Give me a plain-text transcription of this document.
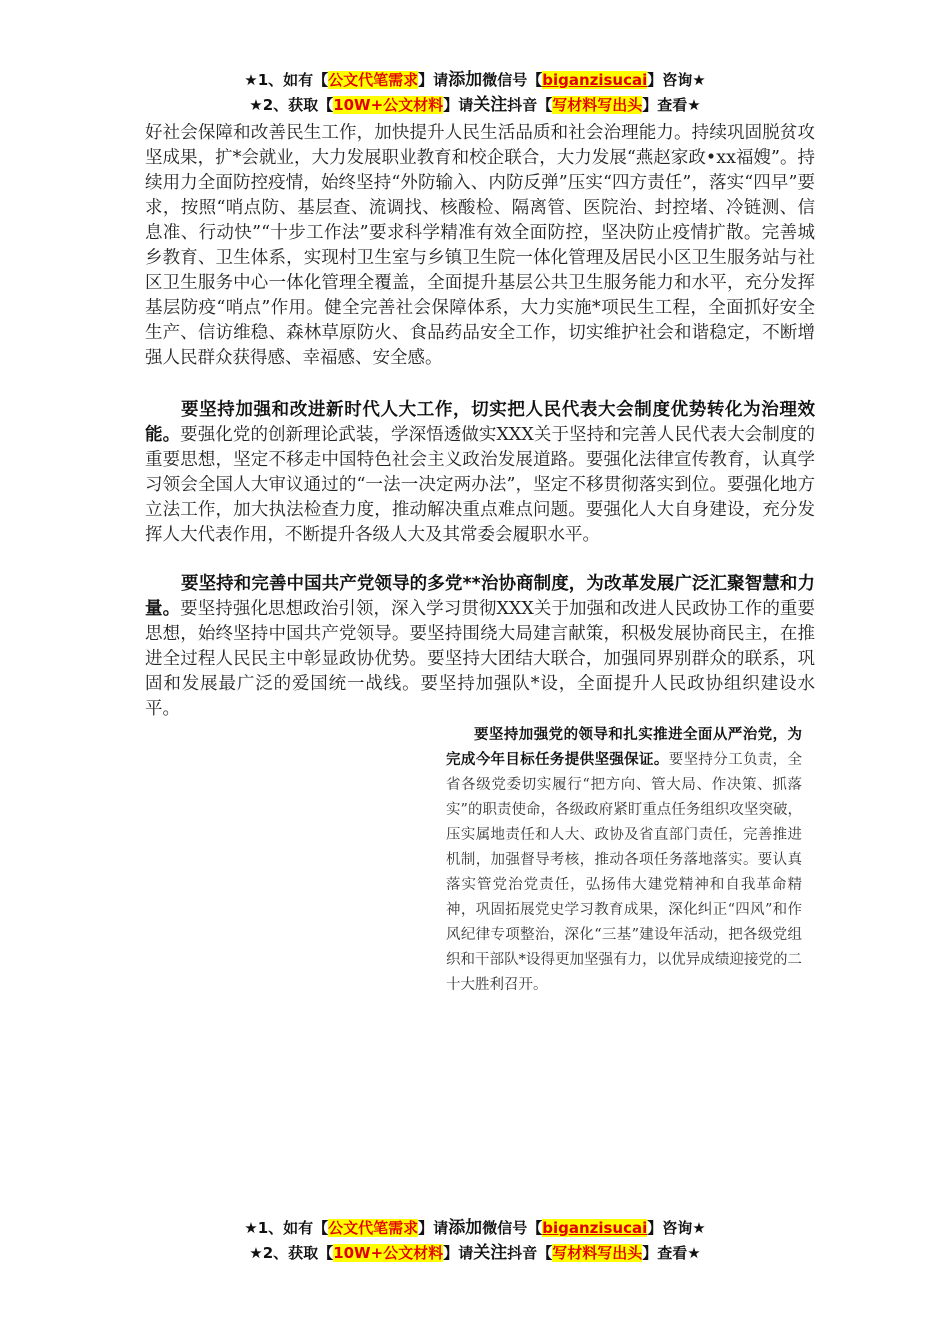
★1、如有【公文代笔需求】请添加微信号【biganzisucai】咨询★
★2、获取【10W+公文材料】请关注抖音【写材料写出头】查看★

好社会保障和改善民生工作，加快提升人民生活品质和社会治理能力。持续巩固脱贫攻坚成果，扩*会就业，大力发展职业教育和校企联合，大力发展“燕赵家政•xx福嫂”。持续用力全面防控疫情，始终坚持“外防输入、内防反弹”压实“四方责任”，落实“四早”要求，按照“哨点防、基层查、流调找、核酸检、隔离管、医院治、封控堵、冷链测、信息准、行动快”“十步工作法”要求科学精准有效全面防控，坚决防止疫情扩散。完善城乡教育、卫生体系，实现村卫生室与乡镇卫生院一体化管理及居民小区卫生服务站与社区卫生服务中心一体化管理全覆盖，全面提升基层公共卫生服务能力和水平，充分发挥基层防疫“哨点”作用。健全完善社会保障体系，大力实施*项民生工程，全面抓好安全生产、信访维稳、森林草原防火、食品药品安全工作，切实维护社会和谐稳定，不断增强人民群众获得感、幸福感、安全感。

要坚持加强和改进新时代人大工作，切实把人民代表大会制度优势转化为治理效能。要强化党的创新理论武装，学深悟透做实XXX关于坚持和完善人民代表大会制度的重要思想，坚定不移走中国特色社会主义政治发展道路。要强化法律宣传教育，认真学习领会全国人大审议通过的“一法一决定两办法”，坚定不移贯彻落实到位。要强化地方立法工作，加大执法检查力度，推动解决重点难点问题。要强化人大自身建设，充分发挥人大代表作用，不断提升各级人大及其常委会履职水平。

要坚持和完善中国共产党领导的多党**治协商制度，为改革发展广泛汇聚智慧和力量。要坚持强化思想政治引领，深入学习贯彻XXX关于加强和改进人民政协工作的重要思想，始终坚持中国共产党领导。要坚持围绕大局建言献策，积极发展协商民主，在推进全过程人民民主中彰显政协优势。要坚持大团结大联合，加强同界别群众的联系，巩固和发展最广泛的爱国统一战线。要坚持加强队*设，全面提升人民政协组织建设水平。

要坚持加强党的领导和扎实推进全面从严治党，为完成今年目标任务提供坚强保证。要坚持分工负责，全省各级党委切实履行“把方向、管大局、作决策、抓落实”的职责使命，各级政府紧盯重点任务组织攻坚突破，压实属地责任和人大、政协及省直部门责任，完善推进机制，加强督导考核，推动各项任务落地落实。要认真落实管党治党责任，弘扬伟大建党精神和自我革命精神，巩固拓展党史学习教育成果，深化纠正“四风”和作风纪律专项整治，深化“三基”建设年活动，把各级党组织和干部队*设得更加坚强有力，以优异成绩迎接党的二十大胜利召开。

★1、如有【公文代笔需求】请添加微信号【biganzisucai】咨询★
★2、获取【10W+公文材料】请关注抖音【写材料写出头】查看★
